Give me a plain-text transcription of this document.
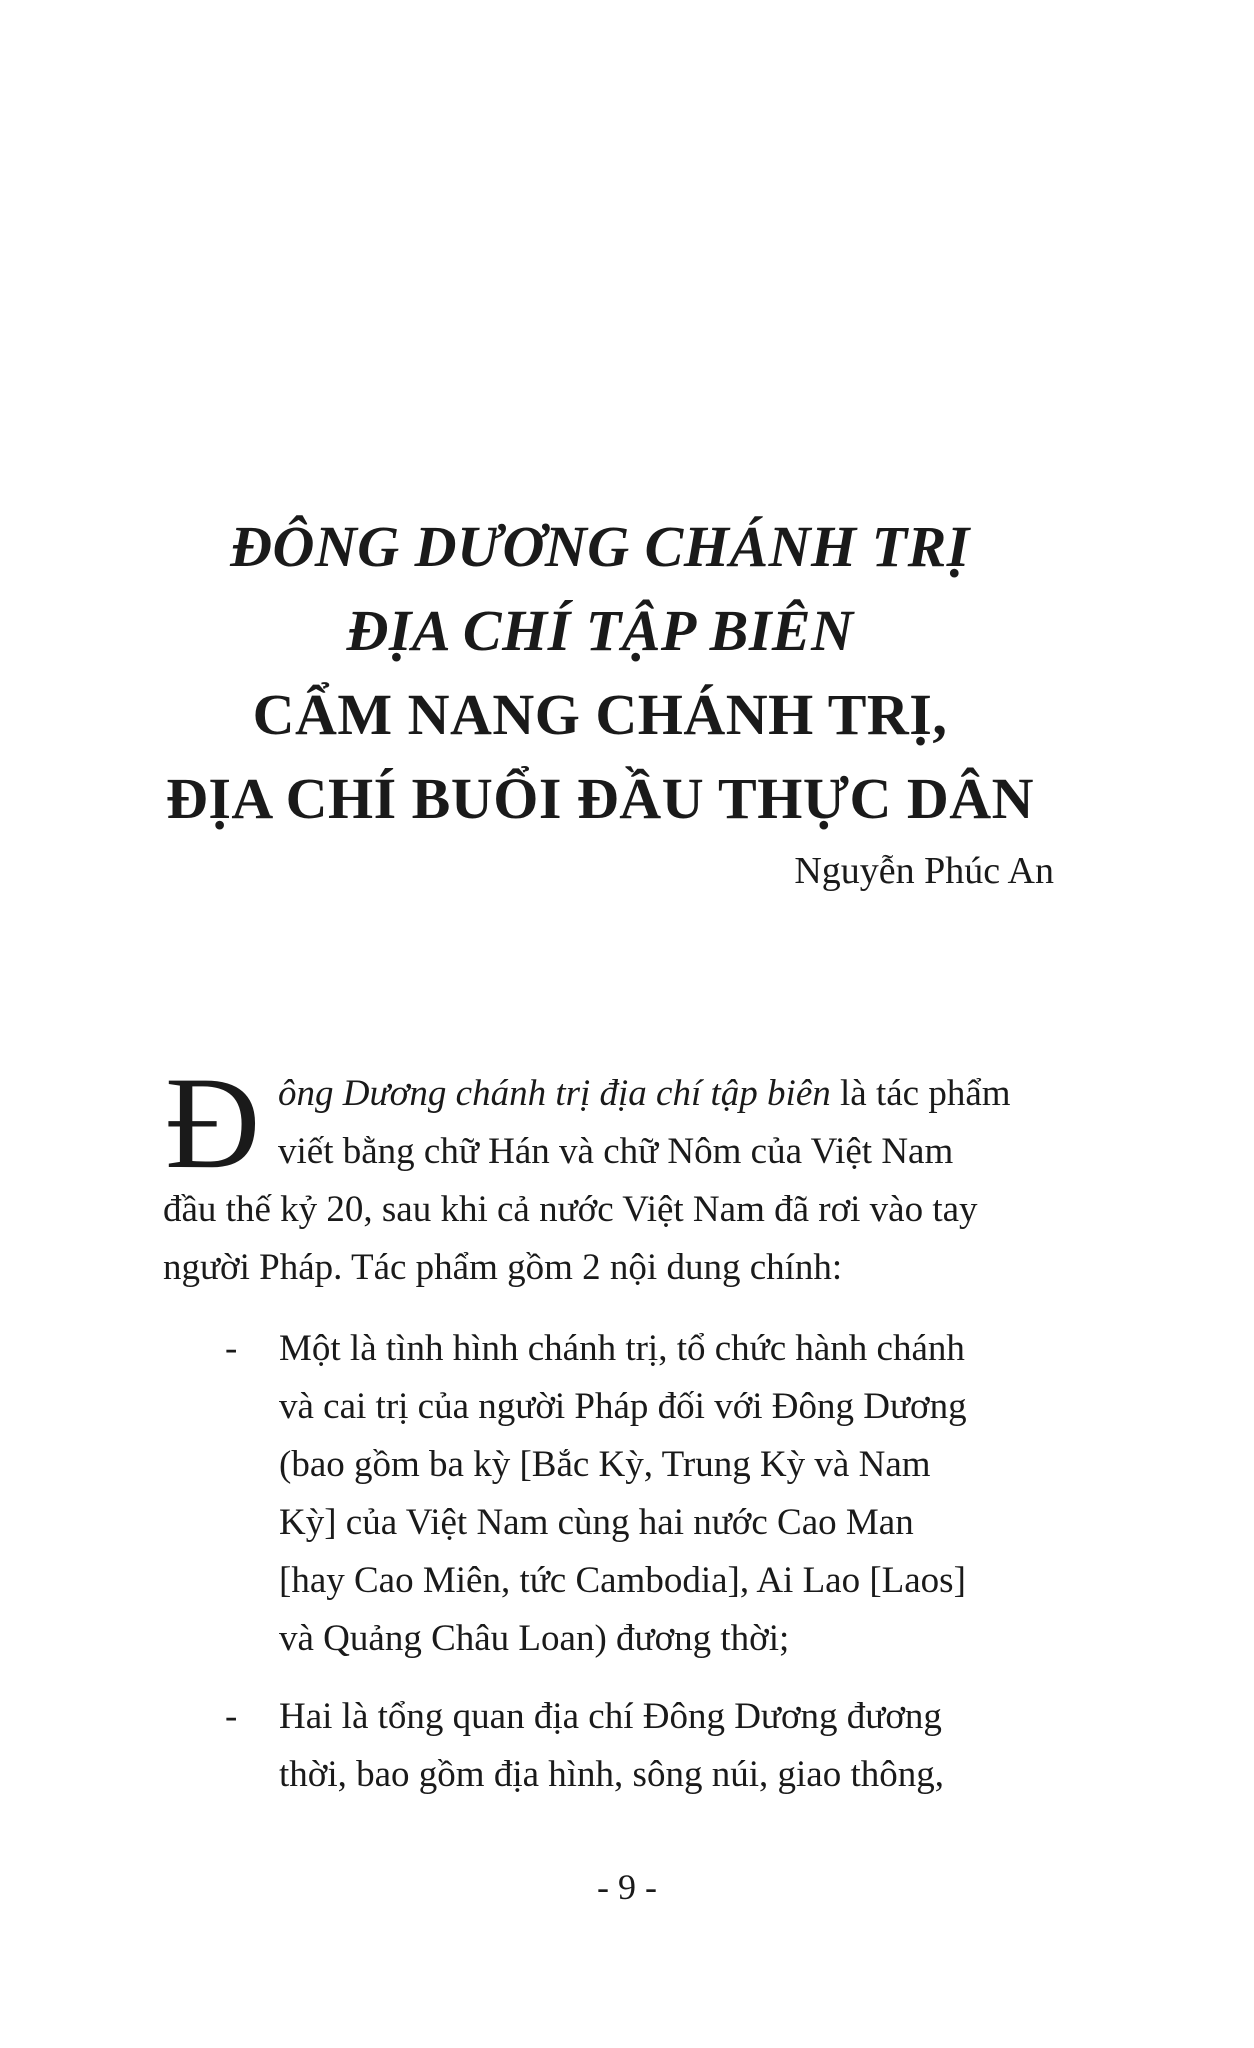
ĐÔNG DƯƠNG CHÁNH TRỊ
ĐỊA CHÍ TẬP BIÊN
CẨM NANG CHÁNH TRỊ,
ĐỊA CHÍ BUỔI ĐẦU THỰC DÂN
Nguyễn Phúc An
Đ ông Dương chánh trị địa chí tập biên là tác phẩm
viết bằng chữ Hán và chữ Nôm của Việt Nam
đầu thế kỷ 20, sau khi cả nước Việt Nam đã rơi vào tay
người Pháp. Tác phẩm gồm 2 nội dung chính:
- Một là tình hình chánh trị, tổ chức hành chánh
và cai trị của người Pháp đối với Đông Dương
(bao gồm ba kỳ [Bắc Kỳ, Trung Kỳ và Nam
Kỳ] của Việt Nam cùng hai nước Cao Man
[hay Cao Miên, tức Cambodia], Ai Lao [Laos]
và Quảng Châu Loan) đương thời;
- Hai là tổng quan địa chí Đông Dương đương
thời, bao gồm địa hình, sông núi, giao thông,
- 9 -
